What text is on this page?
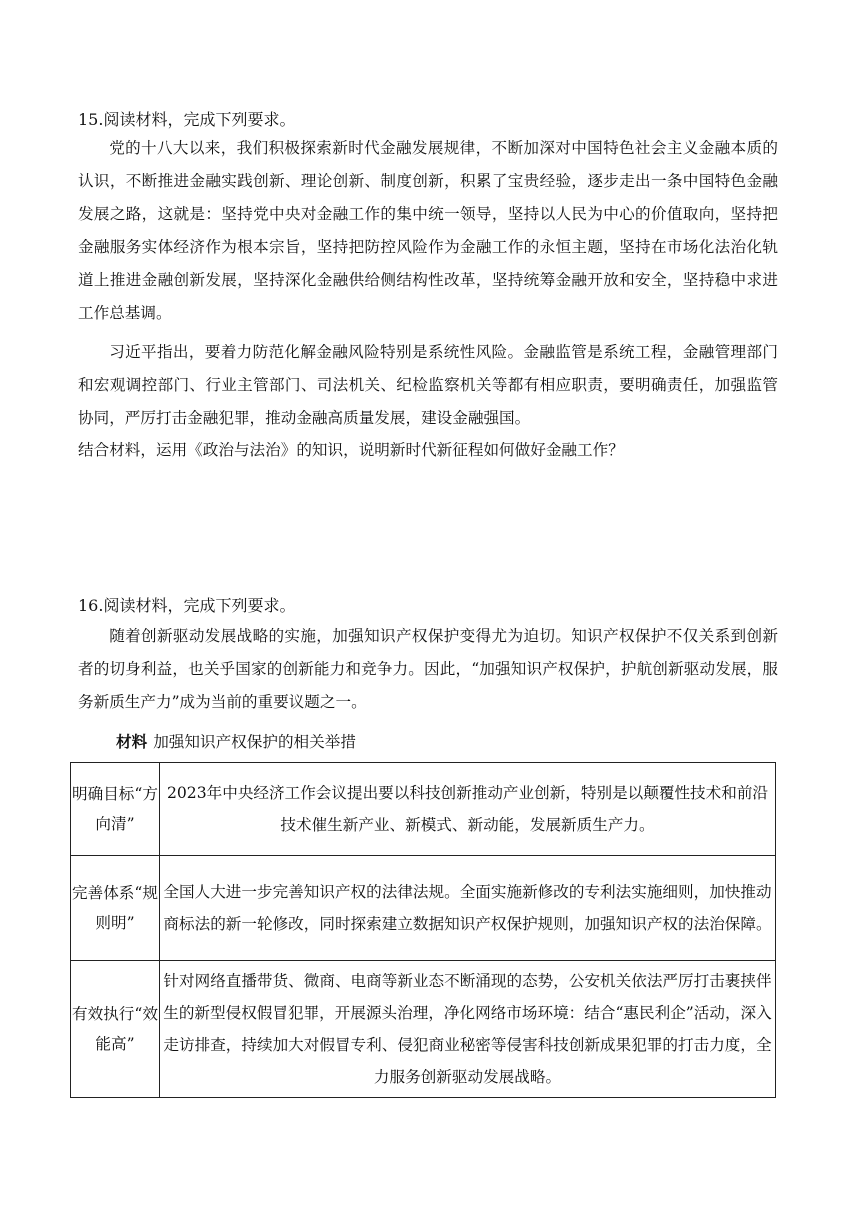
15.阅读材料，完成下列要求。

党的十八大以来，我们积极探索新时代金融发展规律，不断加深对中国特色社会主义金融本质的认识，不断推进金融实践创新、理论创新、制度创新，积累了宝贵经验，逐步走出一条中国特色金融发展之路，这就是：坚持党中央对金融工作的集中统一领导，坚持以人民为中心的价值取向，坚持把金融服务实体经济作为根本宗旨，坚持把防控风险作为金融工作的永恒主题，坚持在市场化法治化轨道上推进金融创新发展，坚持深化金融供给侧结构性改革，坚持统筹金融开放和安全，坚持稳中求进工作总基调。

习近平指出，要着力防范化解金融风险特别是系统性风险。金融监管是系统工程，金融管理部门和宏观调控部门、行业主管部门、司法机关、纪检监察机关等都有相应职责，要明确责任，加强监管协同，严厉打击金融犯罪，推动金融高质量发展，建设金融强国。

结合材料，运用《政治与法治》的知识，说明新时代新征程如何做好金融工作？

16.阅读材料，完成下列要求。

随着创新驱动发展战略的实施，加强知识产权保护变得尤为迫切。知识产权保护不仅关系到创新者的切身利益，也关乎国家的创新能力和竞争力。因此，“加强知识产权保护，护航创新驱动发展，服务新质生产力”成为当前的重要议题之一。

材料 加强知识产权保护的相关举措
明确目标“方向清”	2023年中央经济工作会议提出要以科技创新推动产业创新，特别是以颠覆性技术和前沿技术催生新产业、新模式、新动能，发展新质生产力。
完善体系“规则明”	全国人大进一步完善知识产权的法律法规。全面实施新修改的专利法实施细则，加快推动商标法的新一轮修改，同时探索建立数据知识产权保护规则，加强知识产权的法治保障。
有效执行“效能高”	针对网络直播带货、微商、电商等新业态不断涌现的态势，公安机关依法严厉打击裹挟伴生的新型侵权假冒犯罪，开展源头治理，净化网络市场环境：结合“惠民利企”活动，深入走访排查，持续加大对假冒专利、侵犯商业秘密等侵害科技创新成果犯罪的打击力度，全力服务创新驱动发展战略。
